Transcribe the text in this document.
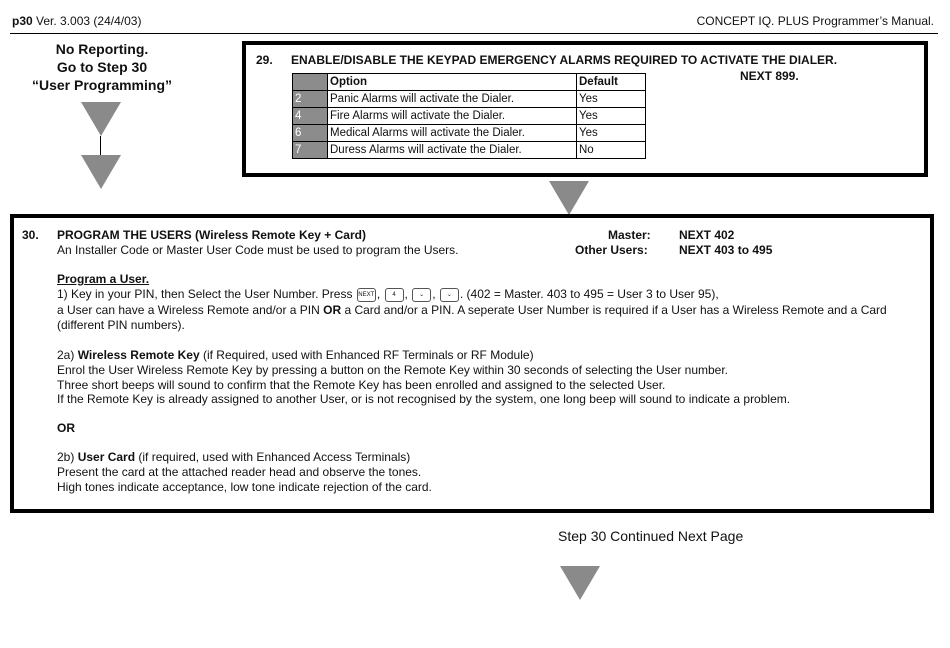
p30 Ver. 3.003 (24/4/03)	CONCEPT IQ. PLUS Programmer’s Manual.
No Reporting.
Go to Step 30
“User Programming”
29. ENABLE/DISABLE THE KEYPAD EMERGENCY ALARMS REQUIRED TO ACTIVATE THE DIALER.
NEXT 899.
	Option	Default
2	Panic Alarms will activate the Dialer.	Yes
4	Fire Alarms will activate the Dialer.	Yes
6	Medical Alarms will activate the Dialer.	Yes
7	Duress Alarms will activate the Dialer.	No
30. PROGRAM THE USERS (Wireless Remote Key + Card)
An Installer Code or Master User Code must be used to program the Users.
Master: NEXT 402
Other Users:	NEXT 403 to 495
Program a User.
1) Key in your PIN, then Select the User Number. Press NEXT , 4 , ⌄ , ⌄ . (402 = Master. 403 to 495 = User 3 to User 95),
a User can have a Wireless Remote and/or a PIN OR a Card and/or a PIN. A seperate User Number is required if a User has a Wireless Remote and a Card
(different PIN numbers).
2a) Wireless Remote Key (if Required, used with Enhanced RF Terminals or RF Module)
Enrol the User Wireless Remote Key by pressing a button on the Remote Key within 30 seconds of selecting the User number.
Three short beeps will sound to confirm that the Remote Key has been enrolled and assigned to the selected User.
If the Remote Key is already assigned to another User, or is not recognised by the system, one long beep will sound to indicate a problem.
OR
2b) User Card (if required, used with Enhanced Access Terminals)
Present the card at the attached reader head and observe the tones.
High tones indicate acceptance, low tone indicate rejection of the card.
Step 30 Continued Next Page
